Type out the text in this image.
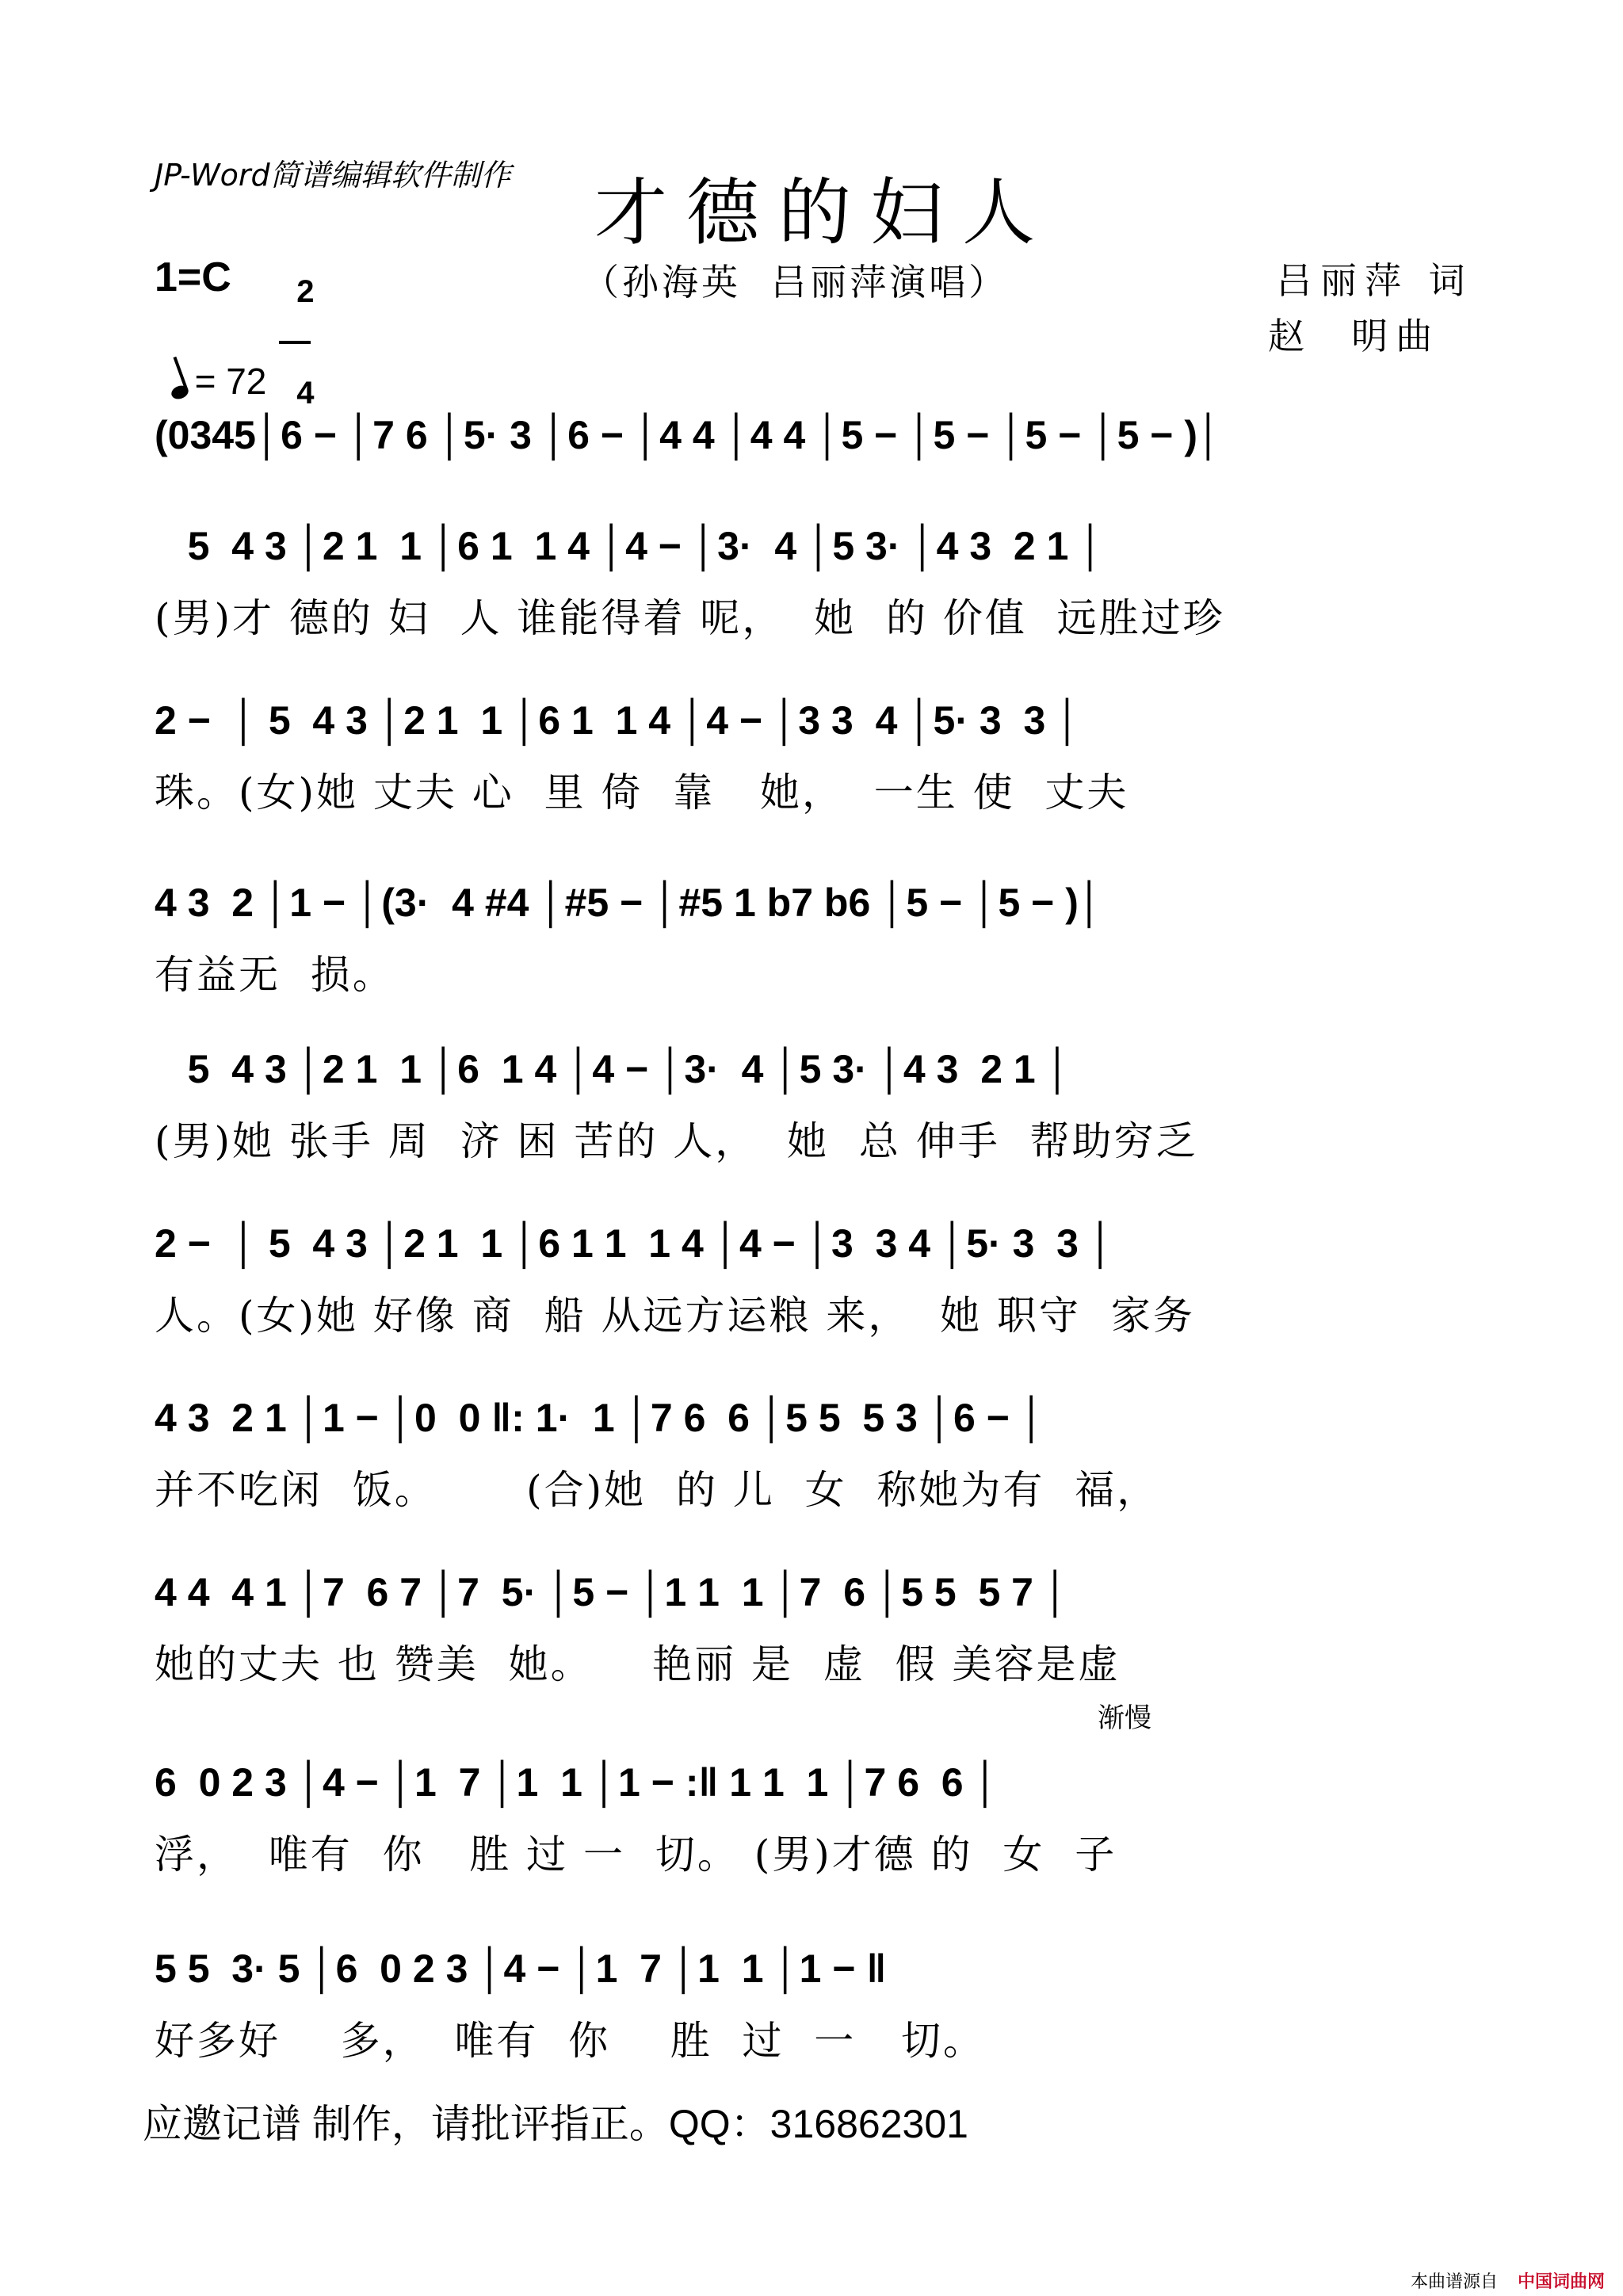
JP-Word简谱编辑软件制作 才德的妇人
（孙海英  吕丽萍演唱）
1=C	2

4

= 72

吕丽萍 词
赵  明曲
(0345│6 − │7 6 │5· 3 │6 − │4 4 │4 4 │5 − │5 − │5 − │5 − )│
5  4 3 │2 1  1 │6 1  1 4 │4 − │3·  4 │5 3· │4 3  2 1 │
(男)才 德的 妇  人 谁能得着 呢，  她  的 价值  远胜过珍
2 −  │ 5  4 3 │2 1  1 │6 1  1 4 │4 − │3 3  4 │5· 3  3 │
珠。(女)她 丈夫 心  里 倚  靠   她，  一生 使  丈夫
4 3  2 │1 − │(3·  4 #4 │#5 − │#5 1 b7 b6 │5 − │5 − )│
有益无  损。
5  4 3 │2 1  1 │6  1 4 │4 − │3·  4 │5 3· │4 3  2 1 │
(男)她 张手 周  济 困 苦的 人，  她  总 伸手  帮助穷乏
2 −  │ 5  4 3 │2 1  1 │6 1 1  1 4 │4 − │3  3 4 │5· 3  3 │
人。(女)她 好像 商  船 从远方运粮 来，  她 职守  家务
4 3  2 1 │1 − │0  0 ‖: 1·  1 │7 6  6 │5 5  5 3 │6 − │
并不吃闲  饭。      (合)她  的 儿  女  称她为有  福，
4 4  4 1 │7  6 7 │7  5· │5 − │1 1  1 │7  6 │5 5  5 7 │
她的丈夫 也 赞美  她。    艳丽 是  虚  假 美容是虚
渐慢
6  0 2 3 │4 − │1  7 │1  1 │1 − :‖ 1 1  1 │7 6  6 │
浮，  唯有  你   胜 过 一  切。 (男)才德 的  女  子
5 5  3· 5 │6  0 2 3 │4 − │1  7 │1  1 │1 − ‖
好多好    多，  唯有  你    胜  过  一   切。
应邀记谱 制作，请批评指正。QQ：316862301
本曲谱源自 中国词曲网
